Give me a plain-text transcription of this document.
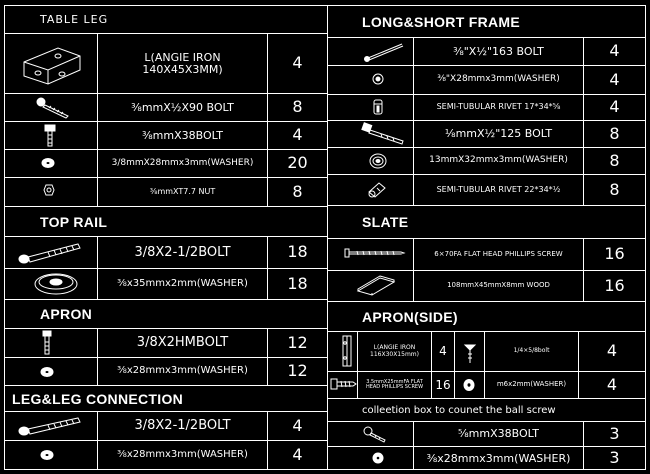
TABLE LEG
L(ANGIE IRON
140X45X3MM)	4
⅜mmX½X90 BOLT	8
⅜mmX38BOLT	4
3/8mmX28mmx3mm(WASHER)	20
⅜mmXT7.7 NUT	8
TOP RAIL
3/8X2-1/2BOLT	18
⅜x35mmx2mm(WASHER)	18
APRON
3/8X2HMBOLT	12
⅜x28mmx3mm(WASHER)	12
LEG&LEG CONNECTION
3/8X2-1/2BOLT	4
⅜x28mmx3mm(WASHER)	4
LONG&SHORT FRAME
⅜"X½"163 BOLT	4
⅜"X28mmx3mm(WASHER)	4
SEMI-TUBULAR RIVET 17*34*⅝	4
⅛mmX½"125 BOLT	8
13mmX32mmx3mm(WASHER)	8
SEMI-TUBULAR RIVET 22*34*½	8
SLATE
6×70FA FLAT HEAD PHILLIPS SCREW	16
108mmX45mmX8mm WOOD	16
APRON(SIDE)
L(ANGIE IRON
116X30X15mm)	4	1/4×5/8bolt	4
3.5mmX25mmFA FLAT
HEAD PHILLIPS SCREW	16	m6x2mm(WASHER)	4
colleetion box to counet the ball screw
⅝mmX38BOLT	3
⅜x28mmx3mm(WASHER)	3
